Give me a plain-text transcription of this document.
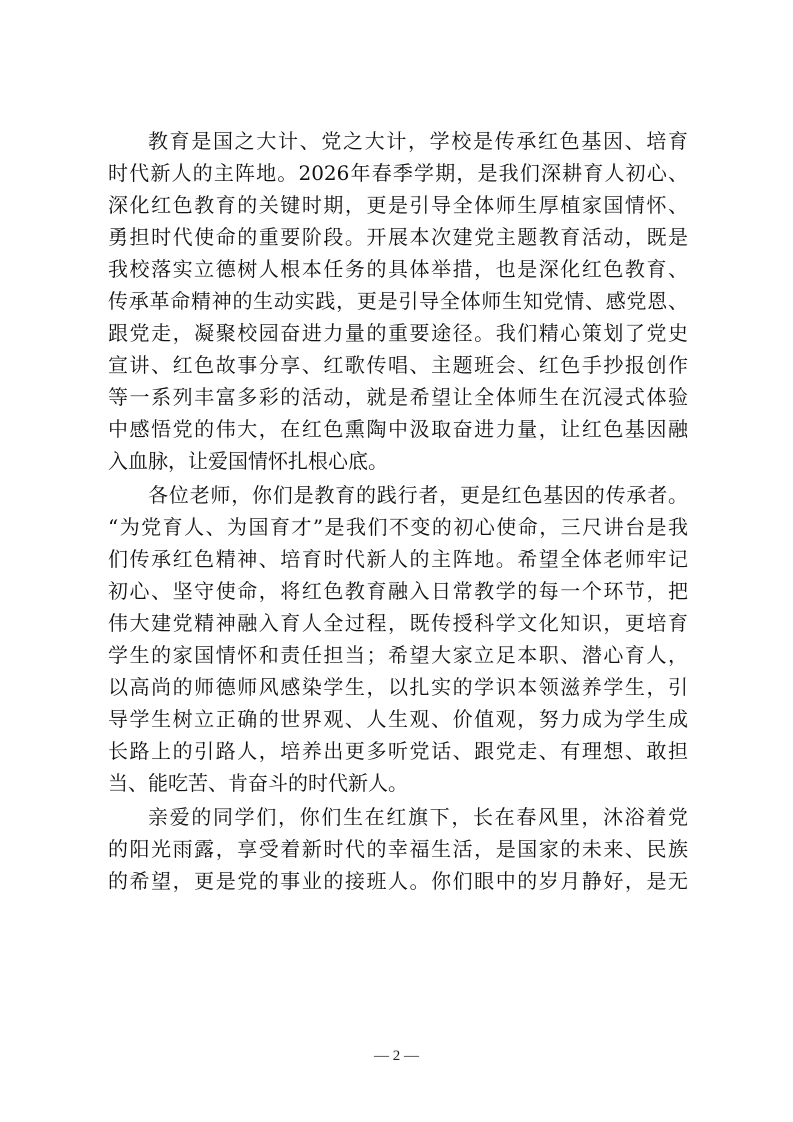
教育是国之大计、党之大计，学校是传承红色基因、培育
时代新人的主阵地。2026年春季学期，是我们深耕育人初心、
深化红色教育的关键时期，更是引导全体师生厚植家国情怀、
勇担时代使命的重要阶段。开展本次建党主题教育活动，既是
我校落实立德树人根本任务的具体举措，也是深化红色教育、
传承革命精神的生动实践，更是引导全体师生知党情、感党恩、
跟党走，凝聚校园奋进力量的重要途径。我们精心策划了党史
宣讲、红色故事分享、红歌传唱、主题班会、红色手抄报创作
等一系列丰富多彩的活动，就是希望让全体师生在沉浸式体验
中感悟党的伟大，在红色熏陶中汲取奋进力量，让红色基因融
入血脉，让爱国情怀扎根心底。
各位老师，你们是教育的践行者，更是红色基因的传承者。
“为党育人、为国育才”是我们不变的初心使命，三尺讲台是我
们传承红色精神、培育时代新人的主阵地。希望全体老师牢记
初心、坚守使命，将红色教育融入日常教学的每一个环节，把
伟大建党精神融入育人全过程，既传授科学文化知识，更培育
学生的家国情怀和责任担当；希望大家立足本职、潜心育人，
以高尚的师德师风感染学生，以扎实的学识本领滋养学生，引
导学生树立正确的世界观、人生观、价值观，努力成为学生成
长路上的引路人，培养出更多听党话、跟党走、有理想、敢担
当、能吃苦、肯奋斗的时代新人。
亲爱的同学们，你们生在红旗下，长在春风里，沐浴着党
的阳光雨露，享受着新时代的幸福生活，是国家的未来、民族
的希望，更是党的事业的接班人。你们眼中的岁月静好，是无
— 2 —
